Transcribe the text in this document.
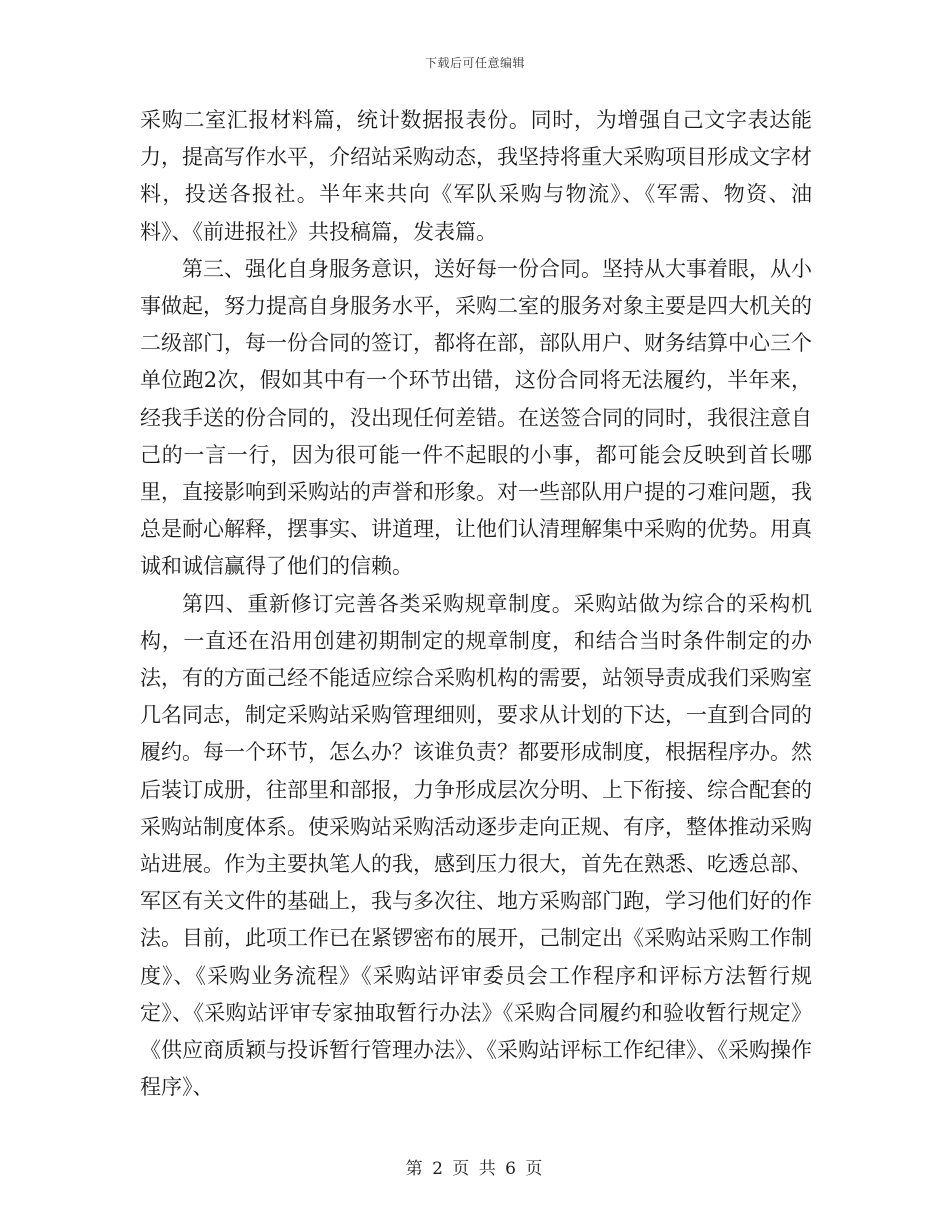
下载后可任意编辑

采购二室汇报材料篇，统计数据报表份。同时，为增强自己文字表达能力，提高写作水平，介绍站采购动态，我坚持将重大采购项目形成文字材料，投送各报社。半年来共向《军队采购与物流》、《军需、物资、油料》、《前进报社》共投稿篇，发表篇。

第三、强化自身服务意识，送好每一份合同。坚持从大事着眼，从小事做起，努力提高自身服务水平，采购二室的服务对象主要是四大机关的二级部门，每一份合同的签订，都将在部，部队用户、财务结算中心三个单位跑2次，假如其中有一个环节出错，这份合同将无法履约，半年来，经我手送的份合同的，没出现任何差错。在送签合同的同时，我很注意自己的一言一行，因为很可能一件不起眼的小事，都可能会反映到首长哪里，直接影响到采购站的声誉和形象。对一些部队用户提的刁难问题，我总是耐心解释，摆事实、讲道理，让他们认清理解集中采购的优势。用真诚和诚信赢得了他们的信赖。

第四、重新修订完善各类采购规章制度。采购站做为综合的采构机构，一直还在沿用创建初期制定的规章制度，和结合当时条件制定的办法，有的方面己经不能适应综合采购机构的需要，站领导责成我们采购室几名同志，制定采购站采购管理细则，要求从计划的下达，一直到合同的履约。每一个环节，怎么办？该谁负责？都要形成制度，根据程序办。然后装订成册，往部里和部报，力争形成层次分明、上下衔接、综合配套的采购站制度体系。使采购站采购活动逐步走向正规、有序，整体推动采购站进展。作为主要执笔人的我，感到压力很大，首先在熟悉、吃透总部、军区有关文件的基础上，我与多次往、地方采购部门跑，学习他们好的作法。目前，此项工作已在紧锣密布的展开，己制定出《采购站采购工作制度》、《采购业务流程》《采购站评审委员会工作程序和评标方法暂行规定》、《采购站评审专家抽取暂行办法》《采购合同履约和验收暂行规定》《供应商质颖与投诉暂行管理办法》、《采购站评标工作纪律》、《采购操作程序》、

第 2 页 共 6 页
